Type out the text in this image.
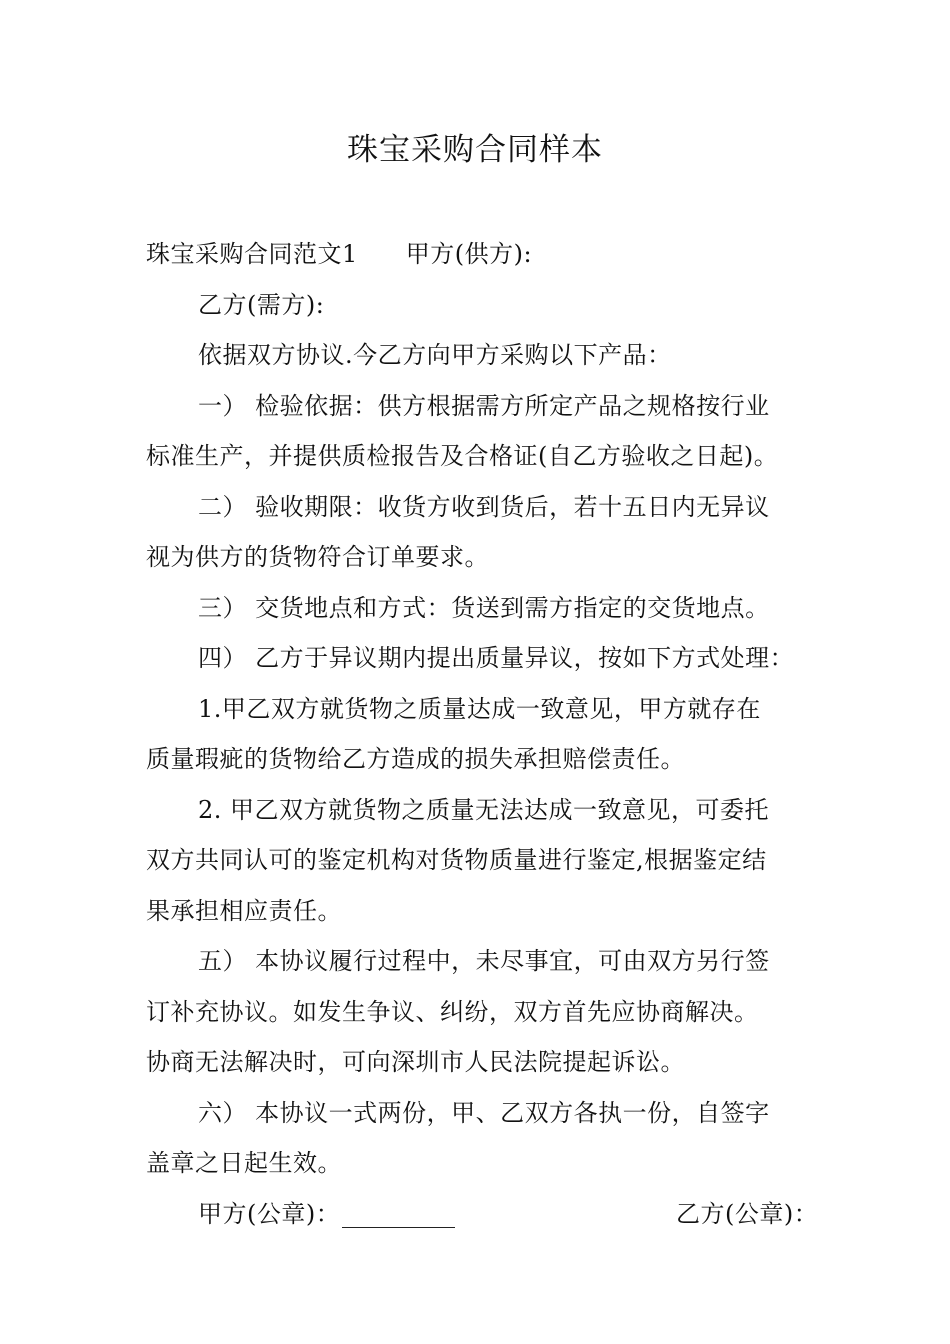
珠宝采购合同样本
珠宝采购合同范文1 甲方(供方):
乙方(需方):
依据双方协议.今乙方向甲方采购以下产品：
一） 检验依据：供方根据需方所定产品之规格按行业
标准生产，并提供质检报告及合格证(自乙方验收之日起)。
二） 验收期限：收货方收到货后，若十五日内无异议
视为供方的货物符合订单要求。
三） 交货地点和方式：货送到需方指定的交货地点。
四） 乙方于异议期内提出质量异议，按如下方式处理：
1.甲乙双方就货物之质量达成一致意见，甲方就存在
质量瑕疵的货物给乙方造成的损失承担赔偿责任。
2. 甲乙双方就货物之质量无法达成一致意见，可委托
双方共同认可的鉴定机构对货物质量进行鉴定,根据鉴定结
果承担相应责任。
五） 本协议履行过程中，未尽事宜，可由双方另行签
订补充协议。如发生争议、纠纷，双方首先应协商解决。
协商无法解决时，可向深圳市人民法院提起诉讼。
六） 本协议一式两份，甲、乙双方各执一份，自签字
盖章之日起生效。
甲方(公章)：	乙方(公章)：
